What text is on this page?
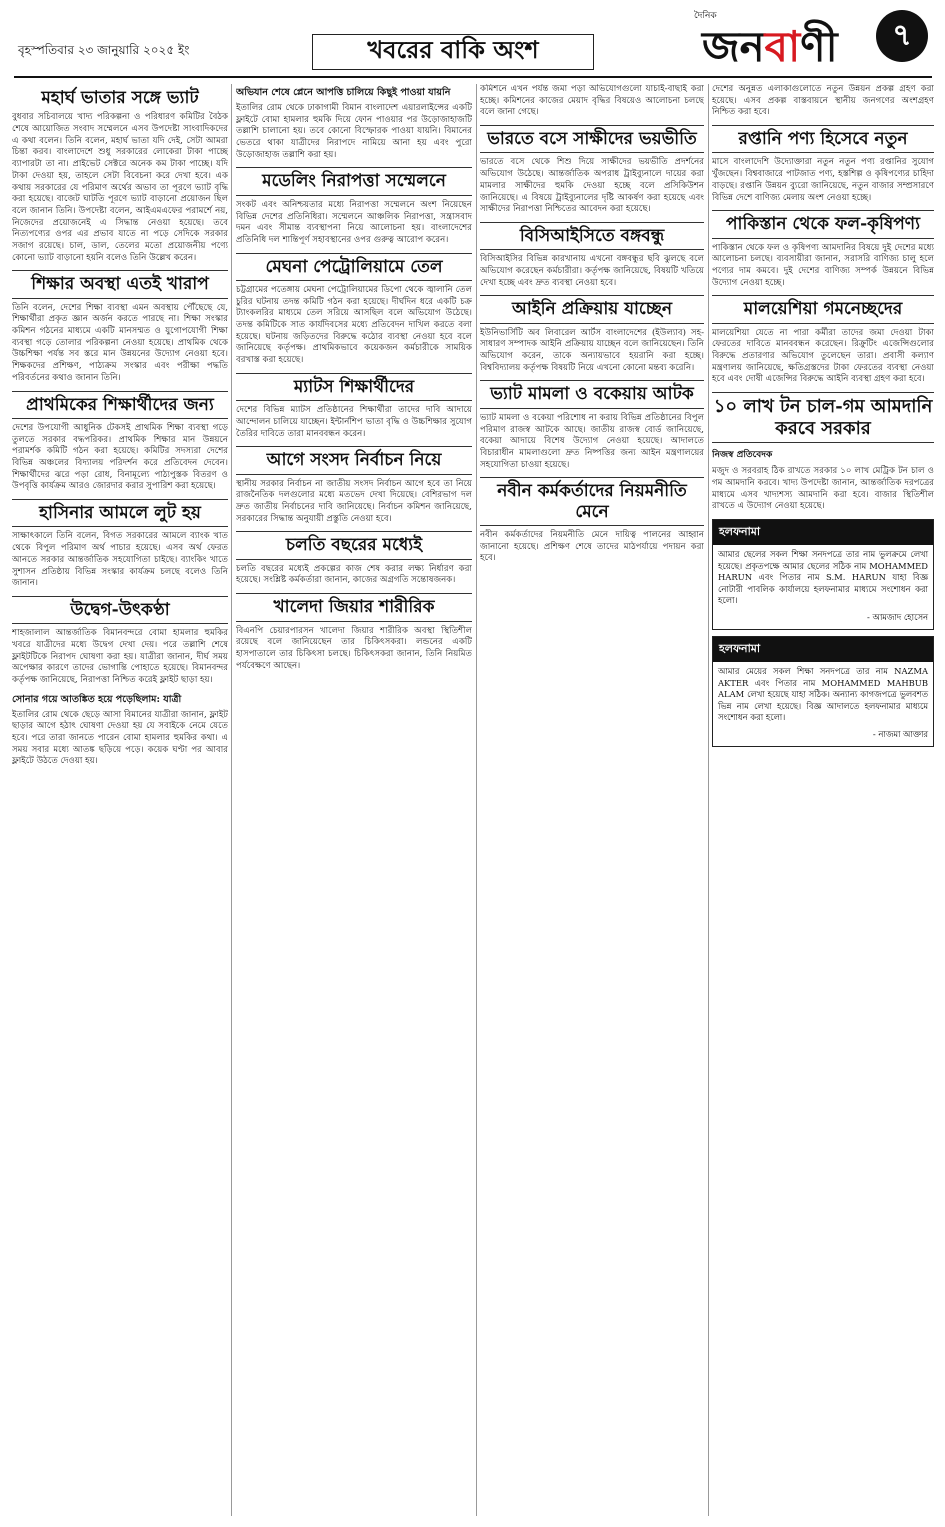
বৃহস্পতিবার ২৩ জানুয়ারি ২০২৫ ইং	খবরের বাকি অংশ
দৈনিক
জনবাণী	৭
মহার্ঘ ভাতার সঙ্গে ভ্যাট

বুধবার সচিবালয়ে খাদ্য পরিকল্পনা ও পরিধারণ কমিটির বৈঠক শেষে আয়োজিত সংবাদ সম্মেলনে এসব উপদেষ্টা সাংবাদিকদের এ কথা বলেন। তিনি বলেন, মহার্ঘ ভাতা যদি দেই, সেটা আমরা চিন্তা করব। বাংলাদেশে শুধু সরকারের লোকেরা টাকা পাচ্ছে ব্যাপারটা তা না। প্রাইভেট সেক্টরে অনেক কম টাকা পাচ্ছে। যদি টাকা দেওয়া হয়, তাহলে সেটা বিবেচনা করে দেখা হবে। এক কথায় সরকারের যে পরিমাণ অর্থের অভাব তা পূরণে ভ্যাট বৃদ্ধি করা হয়েছে। বাজেট ঘাটতি পূরণে ভ্যাট বাড়ানো প্রয়োজন ছিল বলে জানান তিনি। উপদেষ্টা বলেন, আইএমএফের পরামর্শে নয়, নিজেদের প্রয়োজনেই এ সিদ্ধান্ত নেওয়া হয়েছে। তবে নিত্যপণ্যের ওপর এর প্রভাব যাতে না পড়ে সেদিকে সরকার সজাগ রয়েছে। চাল, ডাল, তেলের মতো প্রয়োজনীয় পণ্যে কোনো ভ্যাট বাড়ানো হয়নি বলেও তিনি উল্লেখ করেন।

শিক্ষার অবস্থা এতই খারাপ

তিনি বলেন, দেশের শিক্ষা ব্যবস্থা এমন অবস্থায় পৌঁছেছে যে, শিক্ষার্থীরা প্রকৃত জ্ঞান অর্জন করতে পারছে না। শিক্ষা সংস্কার কমিশন গঠনের মাধ্যমে একটি মানসম্মত ও যুগোপযোগী শিক্ষা ব্যবস্থা গড়ে তোলার পরিকল্পনা নেওয়া হয়েছে। প্রাথমিক থেকে উচ্চশিক্ষা পর্যন্ত সব স্তরে মান উন্নয়নের উদ্যোগ নেওয়া হবে। শিক্ষকদের প্রশিক্ষণ, পাঠ্যক্রম সংস্কার এবং পরীক্ষা পদ্ধতি পরিবর্তনের কথাও জানান তিনি।

প্রাথমিকের শিক্ষার্থীদের জন্য

দেশের উপযোগী আধুনিক টেকসই প্রাথমিক শিক্ষা ব্যবস্থা গড়ে তুলতে সরকার বদ্ধপরিকর। প্রাথমিক শিক্ষার মান উন্নয়নে পরামর্শক কমিটি গঠন করা হয়েছে। কমিটির সদস্যরা দেশের বিভিন্ন অঞ্চলের বিদ্যালয় পরিদর্শন করে প্রতিবেদন দেবেন। শিক্ষার্থীদের ঝরে পড়া রোধ, বিনামূল্যে পাঠ্যপুস্তক বিতরণ ও উপবৃত্তি কার্যক্রম আরও জোরদার করার সুপারিশ করা হয়েছে।

হাসিনার আমলে লুট হয়

সাক্ষাৎকালে তিনি বলেন, বিগত সরকারের আমলে ব্যাংক খাত থেকে বিপুল পরিমাণ অর্থ পাচার হয়েছে। এসব অর্থ ফেরত আনতে সরকার আন্তর্জাতিক সহযোগিতা চাইছে। ব্যাংকিং খাতে সুশাসন প্রতিষ্ঠায় বিভিন্ন সংস্কার কার্যক্রম চলছে বলেও তিনি জানান।

উদ্বেগ-উৎকণ্ঠা

শাহজালাল আন্তর্জাতিক বিমানবন্দরে বোমা হামলার হুমকির খবরে যাত্রীদের মধ্যে উদ্বেগ দেখা দেয়। পরে তল্লাশি শেষে ফ্লাইটটিকে নিরাপদ ঘোষণা করা হয়। যাত্রীরা জানান, দীর্ঘ সময় অপেক্ষার কারণে তাদের ভোগান্তি পোহাতে হয়েছে। বিমানবন্দর কর্তৃপক্ষ জানিয়েছে, নিরাপত্তা নিশ্চিত করেই ফ্লাইট ছাড়া হয়।

সোনার গয়ে আতঙ্কিত হয়ে পড়েছিলাম: যাত্রী

ইতালির রোম থেকে ছেড়ে আসা বিমানের যাত্রীরা জানান, ফ্লাইট ছাড়ার আগে হঠাৎ ঘোষণা দেওয়া হয় যে সবাইকে নেমে যেতে হবে। পরে তারা জানতে পারেন বোমা হামলার হুমকির কথা। এ সময় সবার মধ্যে আতঙ্ক ছড়িয়ে পড়ে। কয়েক ঘণ্টা পর আবার ফ্লাইটে উঠতে দেওয়া হয়।

অভিযান শেষে প্লেনে আপত্তি চালিয়ে কিছুই পাওয়া যায়নি

ইতালির রোম থেকে ঢাকাগামী বিমান বাংলাদেশ এয়ারলাইন্সের একটি ফ্লাইটে বোমা হামলার হুমকি দিয়ে ফোন পাওয়ার পর উড়োজাহাজটি তল্লাশি চালানো হয়। তবে কোনো বিস্ফোরক পাওয়া যায়নি। বিমানের ভেতরে থাকা যাত্রীদের নিরাপদে নামিয়ে আনা হয় এবং পুরো উড়োজাহাজ তল্লাশি করা হয়।

মডেলিং নিরাপত্তা সম্মেলনে

সংকট এবং অনিশ্চয়তার মধ্যে নিরাপত্তা সম্মেলনে অংশ নিয়েছেন বিভিন্ন দেশের প্রতিনিধিরা। সম্মেলনে আঞ্চলিক নিরাপত্তা, সন্ত্রাসবাদ দমন এবং সীমান্ত ব্যবস্থাপনা নিয়ে আলোচনা হয়। বাংলাদেশের প্রতিনিধি দল শান্তিপূর্ণ সহাবস্থানের ওপর গুরুত্ব আরোপ করেন।

মেঘনা পেট্রোলিয়ামে তেল

চট্টগ্রামের পতেঙ্গায় মেঘনা পেট্রোলিয়ামের ডিপো থেকে জ্বালানি তেল চুরির ঘটনায় তদন্ত কমিটি গঠন করা হয়েছে। দীর্ঘদিন ধরে একটি চক্র ট্যাংকলরির মাধ্যমে তেল সরিয়ে আসছিল বলে অভিযোগ উঠেছে। তদন্ত কমিটিকে সাত কার্যদিবসের মধ্যে প্রতিবেদন দাখিল করতে বলা হয়েছে। ঘটনায় জড়িতদের বিরুদ্ধে কঠোর ব্যবস্থা নেওয়া হবে বলে জানিয়েছে কর্তৃপক্ষ। প্রাথমিকভাবে কয়েকজন কর্মচারীকে সাময়িক বরখাস্ত করা হয়েছে।

ম্যাটস শিক্ষার্থীদের

দেশের বিভিন্ন ম্যাটস প্রতিষ্ঠানের শিক্ষার্থীরা তাদের দাবি আদায়ে আন্দোলন চালিয়ে যাচ্ছেন। ইন্টার্নশিপ ভাতা বৃদ্ধি ও উচ্চশিক্ষার সুযোগ তৈরির দাবিতে তারা মানববন্ধন করেন।

আগে সংসদ নির্বাচন নিয়ে

স্থানীয় সরকার নির্বাচন না জাতীয় সংসদ নির্বাচন আগে হবে তা নিয়ে রাজনৈতিক দলগুলোর মধ্যে মতভেদ দেখা দিয়েছে। বেশিরভাগ দল দ্রুত জাতীয় নির্বাচনের দাবি জানিয়েছে। নির্বাচন কমিশন জানিয়েছে, সরকারের সিদ্ধান্ত অনুযায়ী প্রস্তুতি নেওয়া হবে।

চলতি বছরের মধ্যেই

চলতি বছরের মধ্যেই প্রকল্পের কাজ শেষ করার লক্ষ্য নির্ধারণ করা হয়েছে। সংশ্লিষ্ট কর্মকর্তারা জানান, কাজের অগ্রগতি সন্তোষজনক।

খালেদা জিয়ার শারীরিক

বিএনপি চেয়ারপারসন খালেদা জিয়ার শারীরিক অবস্থা স্থিতিশীল রয়েছে বলে জানিয়েছেন তার চিকিৎসকরা। লন্ডনের একটি হাসপাতালে তার চিকিৎসা চলছে। চিকিৎসকরা জানান, তিনি নিয়মিত পর্যবেক্ষণে আছেন।

কমিশনে এখন পর্যন্ত জমা পড়া অভিযোগগুলো যাচাই-বাছাই করা হচ্ছে। কমিশনের কাজের মেয়াদ বৃদ্ধির বিষয়েও আলোচনা চলছে বলে জানা গেছে।

ভারতে বসে সাক্ষীদের ভয়ভীতি

ভারতে বসে থেকে শিশু দিয়ে সাক্ষীদের ভয়ভীতি প্রদর্শনের অভিযোগ উঠেছে। আন্তর্জাতিক অপরাধ ট্রাইব্যুনালে দায়ের করা মামলার সাক্ষীদের হুমকি দেওয়া হচ্ছে বলে প্রসিকিউশন জানিয়েছে। এ বিষয়ে ট্রাইব্যুনালের দৃষ্টি আকর্ষণ করা হয়েছে এবং সাক্ষীদের নিরাপত্তা নিশ্চিতের আবেদন করা হয়েছে।

বিসিআইসিতে বঙ্গবন্ধু

বিসিআইসির বিভিন্ন কারখানায় এখনো বঙ্গবন্ধুর ছবি ঝুলছে বলে অভিযোগ করেছেন কর্মচারীরা। কর্তৃপক্ষ জানিয়েছে, বিষয়টি খতিয়ে দেখা হচ্ছে এবং দ্রুত ব্যবস্থা নেওয়া হবে।

আইনি প্রক্রিয়ায় যাচ্ছেন

ইউনিভার্সিটি অব লিবারেল আর্টস বাংলাদেশের (ইউল্যাব) সহ-সাধারণ সম্পাদক আইনি প্রক্রিয়ায় যাচ্ছেন বলে জানিয়েছেন। তিনি অভিযোগ করেন, তাকে অন্যায়ভাবে হয়রানি করা হচ্ছে। বিশ্ববিদ্যালয় কর্তৃপক্ষ বিষয়টি নিয়ে এখনো কোনো মন্তব্য করেনি।

ভ্যাট মামলা ও বকেয়ায় আটক

ভ্যাট মামলা ও বকেয়া পরিশোধ না করায় বিভিন্ন প্রতিষ্ঠানের বিপুল পরিমাণ রাজস্ব আটকে আছে। জাতীয় রাজস্ব বোর্ড জানিয়েছে, বকেয়া আদায়ে বিশেষ উদ্যোগ নেওয়া হয়েছে। আদালতে বিচারাধীন মামলাগুলো দ্রুত নিষ্পত্তির জন্য আইন মন্ত্রণালয়ের সহযোগিতা চাওয়া হয়েছে।

নবীন কর্মকর্তাদের নিয়মনীতি মেনে

নবীন কর্মকর্তাদের নিয়মনীতি মেনে দায়িত্ব পালনের আহ্বান জানানো হয়েছে। প্রশিক্ষণ শেষে তাদের মাঠপর্যায়ে পদায়ন করা হবে।

দেশের অনুন্নত এলাকাগুলোতে নতুন উন্নয়ন প্রকল্প গ্রহণ করা হয়েছে। এসব প্রকল্প বাস্তবায়নে স্থানীয় জনগণের অংশগ্রহণ নিশ্চিত করা হবে।

রপ্তানি পণ্য হিসেবে নতুন

মাসে বাংলাদেশি উদ্যোক্তারা নতুন নতুন পণ্য রপ্তানির সুযোগ খুঁজছেন। বিশ্ববাজারে পাটজাত পণ্য, হস্তশিল্প ও কৃষিপণ্যের চাহিদা বাড়ছে। রপ্তানি উন্নয়ন ব্যুরো জানিয়েছে, নতুন বাজার সম্প্রসারণে বিভিন্ন দেশে বাণিজ্য মেলায় অংশ নেওয়া হচ্ছে।

পাকিস্তান থেকে ফল-কৃষিপণ্য

পাকিস্তান থেকে ফল ও কৃষিপণ্য আমদানির বিষয়ে দুই দেশের মধ্যে আলোচনা চলছে। ব্যবসায়ীরা জানান, সরাসরি বাণিজ্য চালু হলে পণ্যের দাম কমবে। দুই দেশের বাণিজ্য সম্পর্ক উন্নয়নে বিভিন্ন উদ্যোগ নেওয়া হচ্ছে।

মালয়েশিয়া গমনেচ্ছদের

মালয়েশিয়া যেতে না পারা কর্মীরা তাদের জমা দেওয়া টাকা ফেরতের দাবিতে মানববন্ধন করেছেন। রিক্রুটিং এজেন্সিগুলোর বিরুদ্ধে প্রতারণার অভিযোগ তুলেছেন তারা। প্রবাসী কল্যাণ মন্ত্রণালয় জানিয়েছে, ক্ষতিগ্রস্তদের টাকা ফেরতের ব্যবস্থা নেওয়া হবে এবং দোষী এজেন্সির বিরুদ্ধে আইনি ব্যবস্থা গ্রহণ করা হবে।

১০ লাখ টন চাল-গম আমদানি করবে সরকার
নিজস্ব প্রতিবেদক

মজুদ ও সরবরাহ ঠিক রাখতে সরকার ১০ লাখ মেট্রিক টন চাল ও গম আমদানি করবে। খাদ্য উপদেষ্টা জানান, আন্তর্জাতিক দরপত্রের মাধ্যমে এসব খাদ্যশস্য আমদানি করা হবে। বাজার স্থিতিশীল রাখতে এ উদ্যোগ নেওয়া হয়েছে।

হলফনামা
আমার ছেলের সকল শিক্ষা সনদপত্রে তার নাম ভুলক্রমে লেখা হয়েছে। প্রকৃতপক্ষে আমার ছেলের সঠিক নাম MOHAMMED HARUN এবং পিতার নাম S.M. HARUN যাহা বিজ্ঞ নোটারী পাবলিক কার্যালয়ে হলফনামার মাধ্যমে সংশোধন করা হলো।
- আমজাদ হোসেন
হলফনামা
আমার মেয়ের সকল শিক্ষা সনদপত্রে তার নাম NAZMA AKTER এবং পিতার নাম MOHAMMED MAHBUB ALAM লেখা হয়েছে যাহা সঠিক। অন্যান্য কাগজপত্রে ভুলবশত ভিন্ন নাম লেখা হয়েছে। বিজ্ঞ আদালতে হলফনামার মাধ্যমে সংশোধন করা হলো।
- নাজমা আক্তার
